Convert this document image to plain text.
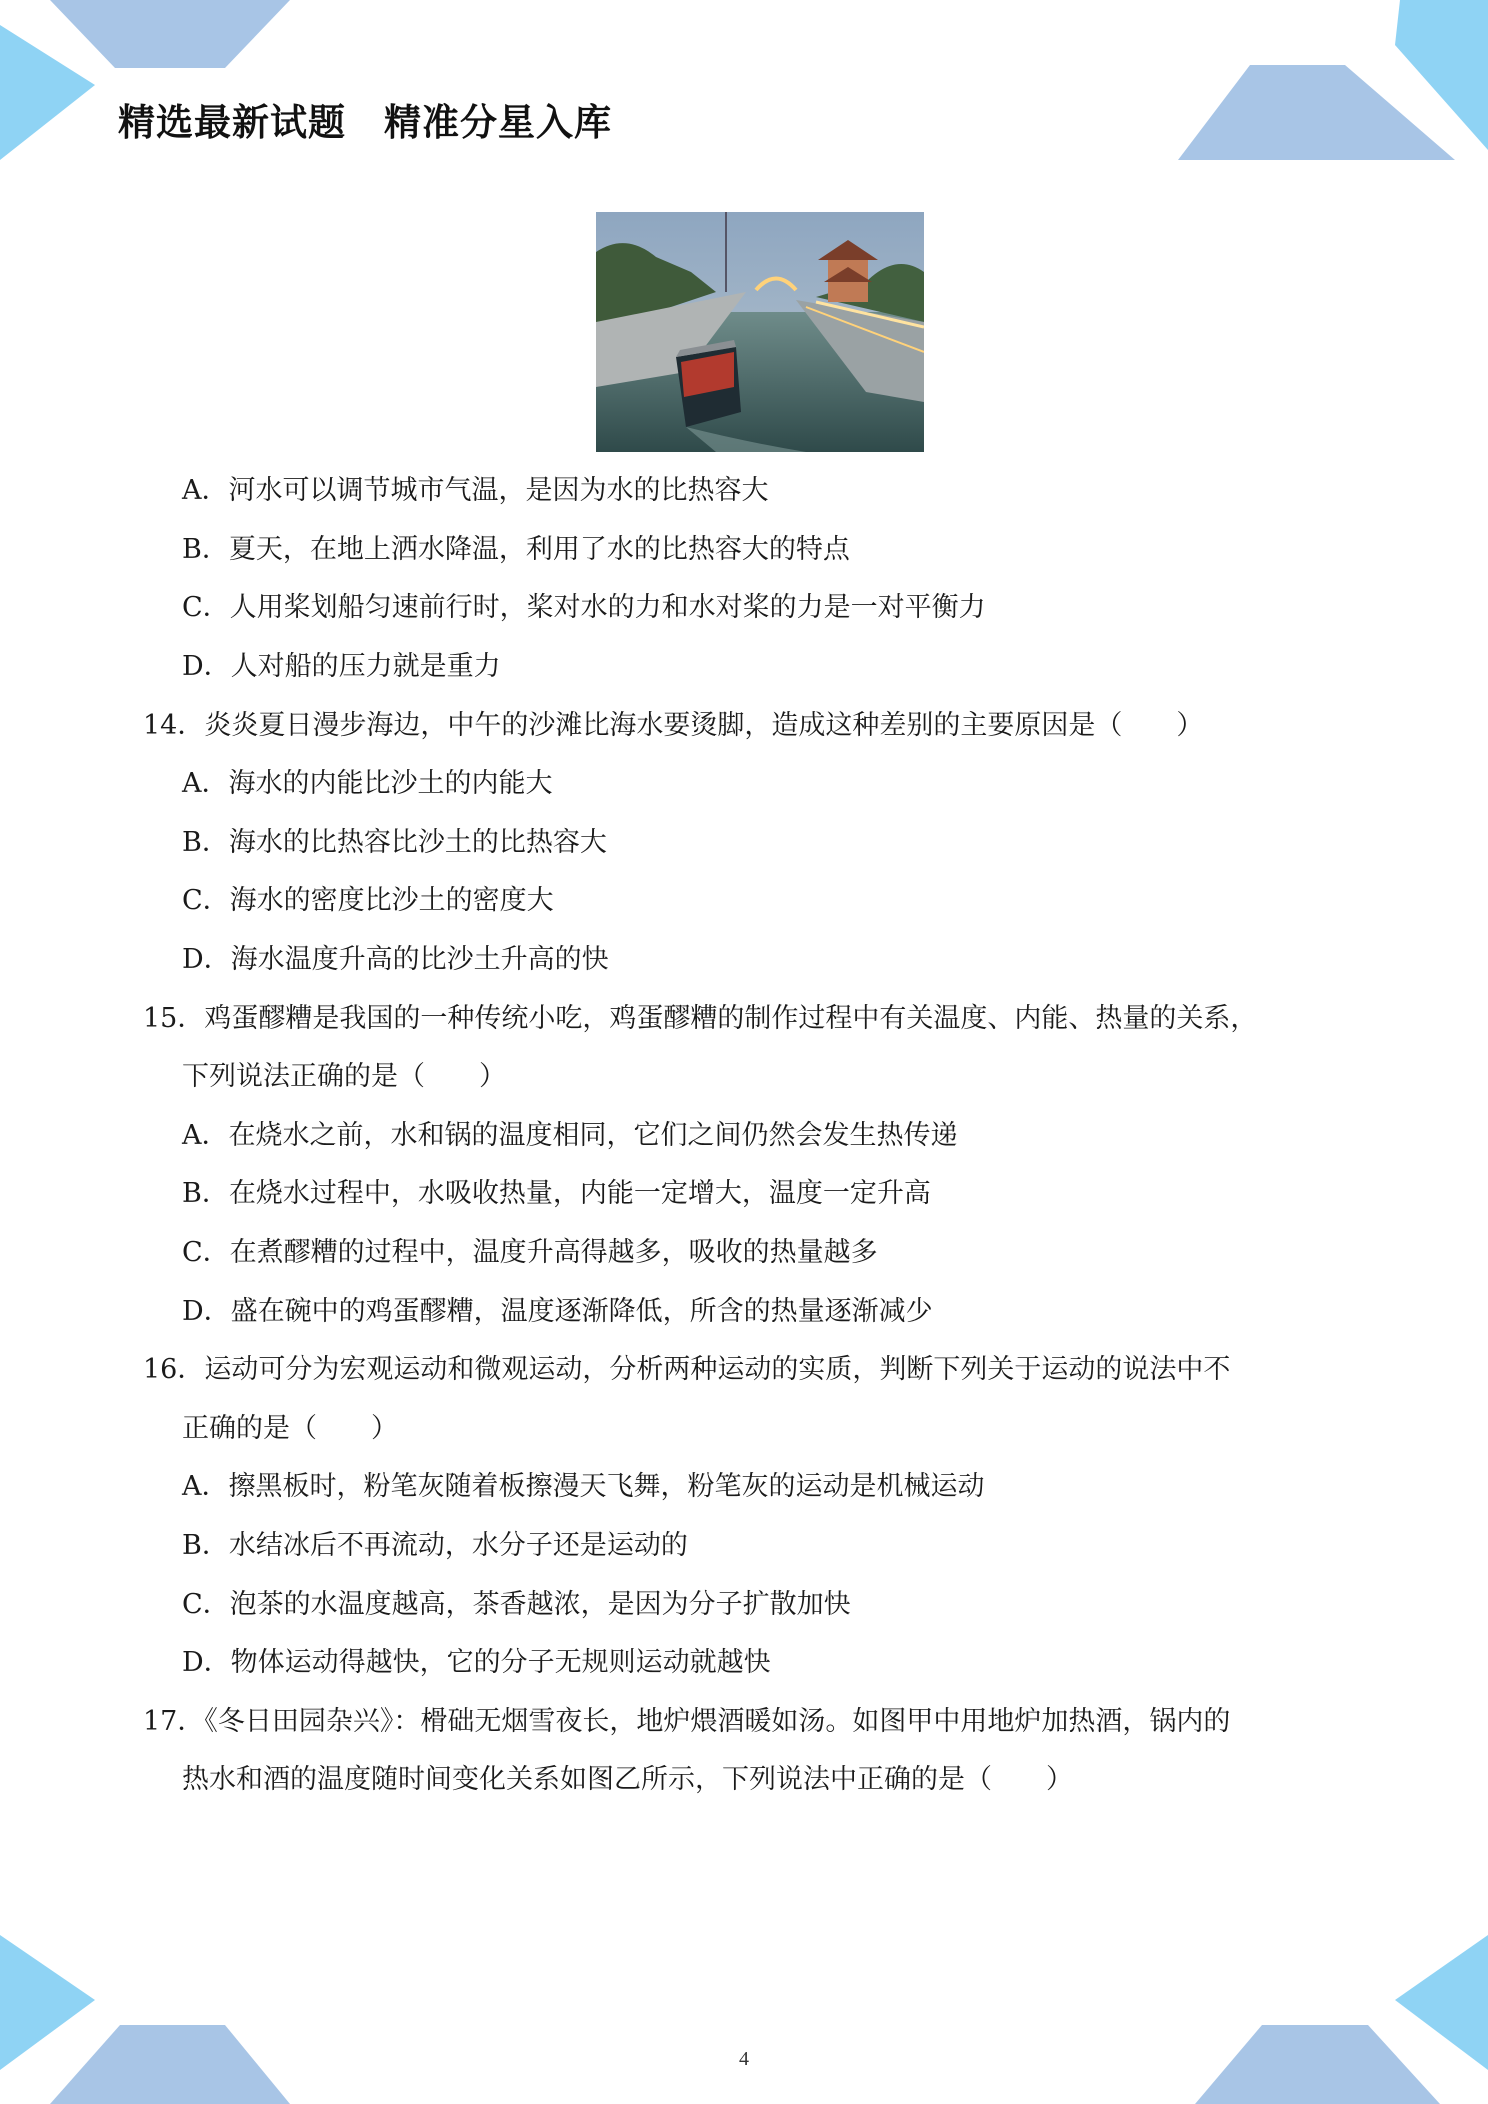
精选最新试题　精准分星入库
A．河水可以调节城市气温，是因为水的比热容大
B．夏天，在地上洒水降温，利用了水的比热容大的特点
C．人用桨划船匀速前行时，桨对水的力和水对桨的力是一对平衡力
D．人对船的压力就是重力
14．炎炎夏日漫步海边，中午的沙滩比海水要烫脚，造成这种差别的主要原因是（　　）
A．海水的内能比沙土的内能大
B．海水的比热容比沙土的比热容大
C．海水的密度比沙土的密度大
D．海水温度升高的比沙土升高的快
15．鸡蛋醪糟是我国的一种传统小吃，鸡蛋醪糟的制作过程中有关温度、内能、热量的关系，
下列说法正确的是（　　）
A．在烧水之前，水和锅的温度相同，它们之间仍然会发生热传递
B．在烧水过程中，水吸收热量，内能一定增大，温度一定升高
C．在煮醪糟的过程中，温度升高得越多，吸收的热量越多
D．盛在碗中的鸡蛋醪糟，温度逐渐降低，所含的热量逐渐减少
16．运动可分为宏观运动和微观运动，分析两种运动的实质，判断下列关于运动的说法中不
正确的是（　　）
A．擦黑板时，粉笔灰随着板擦漫天飞舞，粉笔灰的运动是机械运动
B．水结冰后不再流动，水分子还是运动的
C．泡茶的水温度越高，茶香越浓，是因为分子扩散加快
D．物体运动得越快，它的分子无规则运动就越快
17．《冬日田园杂兴》：榾础无烟雪夜长，地炉煨酒暖如汤。如图甲中用地炉加热酒，锅内的
热水和酒的温度随时间变化关系如图乙所示，下列说法中正确的是（　　）
4
